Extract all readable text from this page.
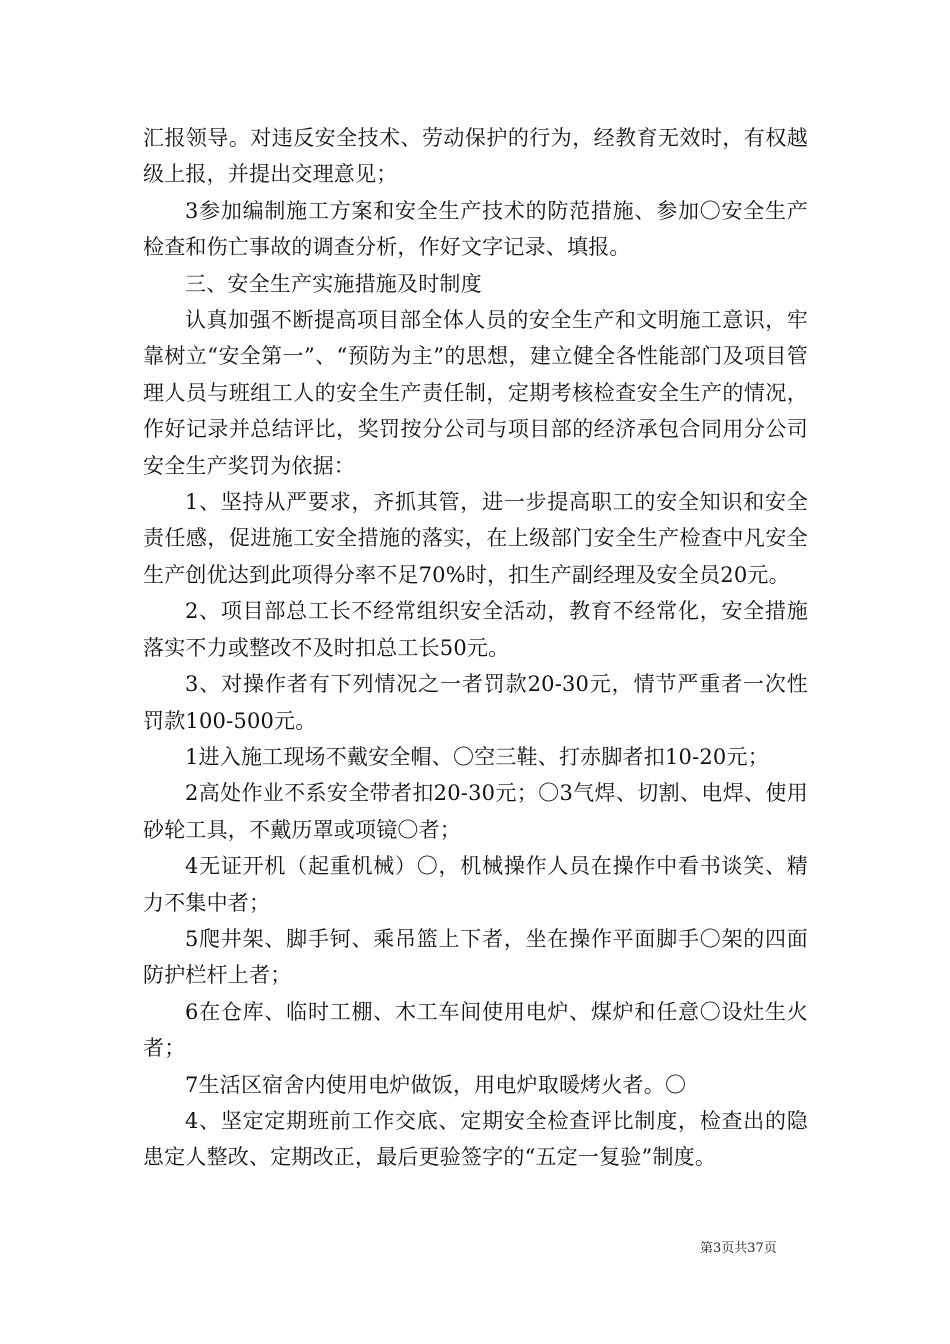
汇报领导。对违反安全技术、劳动保护的行为，经教育无效时，有权越级上报，并提出交理意见；

3参加编制施工方案和安全生产技术的防范措施、参加〇安全生产检查和伤亡事故的调查分析，作好文字记录、填报。

三、安全生产实施措施及时制度

认真加强不断提高项目部全体人员的安全生产和文明施工意识，牢靠树立“安全第一”、“预防为主”的思想，建立健全各性能部门及项目管理人员与班组工人的安全生产责任制，定期考核检查安全生产的情况，作好记录并总结评比，奖罚按分公司与项目部的经济承包合同用分公司安全生产奖罚为依据：

1、坚持从严要求，齐抓其管，进一步提高职工的安全知识和安全责任感，促进施工安全措施的落实，在上级部门安全生产检查中凡安全生产创优达到此项得分率不足70%时，扣生产副经理及安全员20元。

2、项目部总工长不经常组织安全活动，教育不经常化，安全措施落实不力或整改不及时扣总工长50元。

3、对操作者有下列情况之一者罚款20-30元，情节严重者一次性罚款100-500元。

1进入施工现场不戴安全帽、〇空三鞋、打赤脚者扣10-20元；

2高处作业不系安全带者扣20-30元；〇3气焊、切割、电焊、使用砂轮工具，不戴历罩或项镜〇者；

4无证开机（起重机械）〇，机械操作人员在操作中看书谈笑、精力不集中者；

5爬井架、脚手钶、乘吊篮上下者，坐在操作平面脚手〇架的四面防护栏杆上者；

6在仓库、临时工棚、木工车间使用电炉、煤炉和任意〇设灶生火者；

7生活区宿舍内使用电炉做饭，用电炉取暖烤火者。〇

4、坚定定期班前工作交底、定期安全检查评比制度，检查出的隐患定人整改、定期改正，最后更验签字的“五定一复验”制度。

第3页共37页
